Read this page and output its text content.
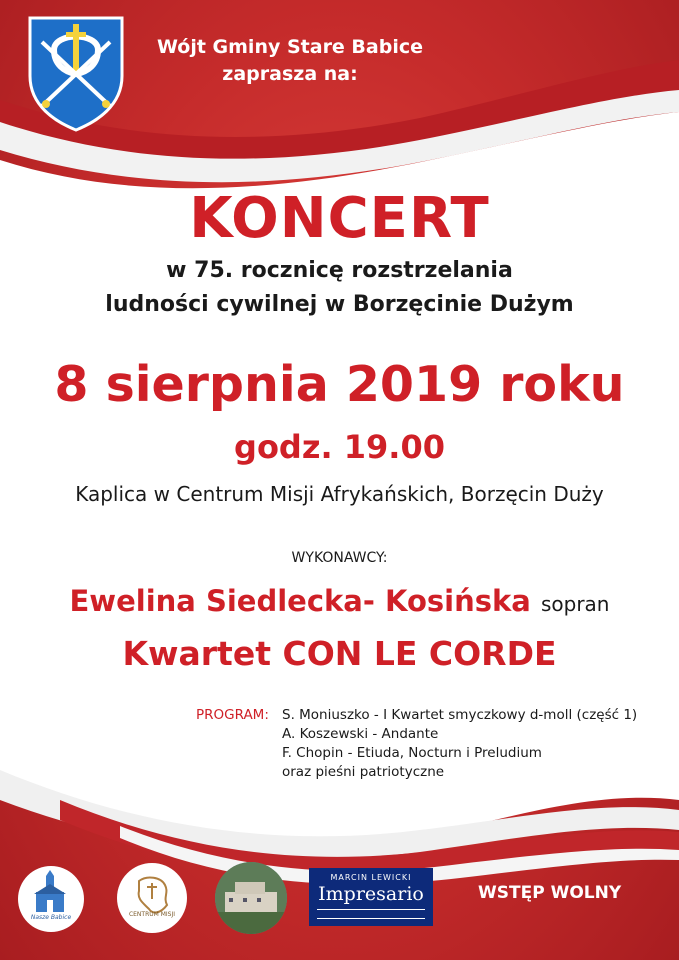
Wójt Gminy Stare Babice
zaprasza na:
KONCERT
w 75. rocznicę rozstrzelania
ludności cywilnej w Borzęcinie Dużym
8 sierpnia 2019 roku
godz. 19.00
Kaplica w Centrum Misji Afrykańskich, Borzęcin Duży
WYKONAWCY:
Ewelina Siedlecka- Kosińska sopran
Kwartet CON LE CORDE
PROGRAM: S. Moniuszko - I Kwartet smyczkowy d-moll (część 1)
A. Koszewski - Andante
F. Chopin - Etiuda, Nocturn i Preludium
oraz pieśni patriotyczne
Nasze Babice	CENTRUM MISJI
MARCIN LEWICKI
Impresario	WSTĘP WOLNY
